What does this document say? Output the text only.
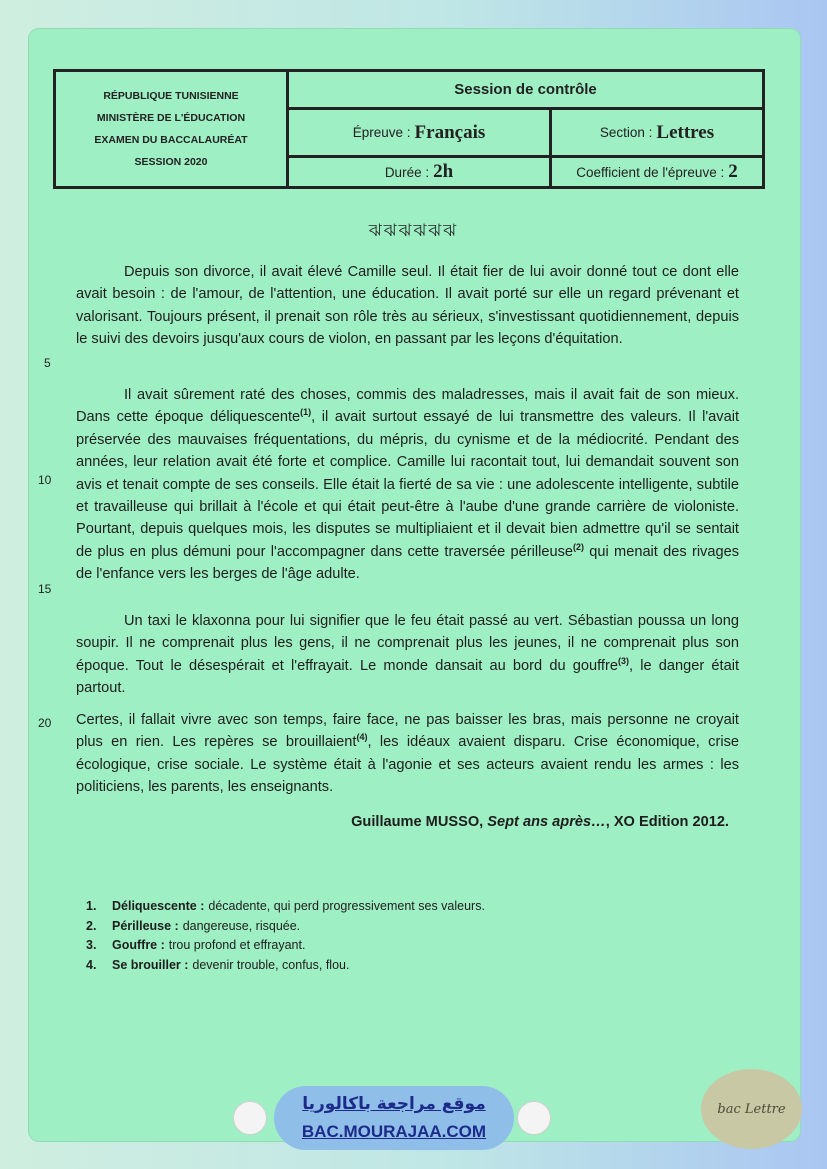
RÉPUBLIQUE TUNISIENNE
MINISTÈRE DE L'ÉDUCATION
EXAMEN DU BACCALAURÉAT
SESSION 2020
Session de contrôle
Épreuve : Français	Section : Lettres
Durée : 2h	Coefficient de l'épreuve : 2
ঝঝঝঝঝঝ

Depuis son divorce, il avait élevé Camille seul. Il était fier de lui avoir donné tout ce dont elle avait besoin : de l'amour, de l'attention, une éducation. Il avait porté sur elle un regard prévenant et valorisant. Toujours présent, il prenait son rôle très au sérieux, s'investissant quotidiennement, depuis le suivi des devoirs jusqu'aux cours de violon, en passant par les leçons d'équitation.

Il avait sûrement raté des choses, commis des maladresses, mais il avait fait de son mieux. Dans cette époque déliquescente$^{(1)}$, il avait surtout essayé de lui transmettre des valeurs. Il l'avait préservée des mauvaises fréquentations, du mépris, du cynisme et de la médiocrité. Pendant des années, leur relation avait été forte et complice. Camille lui racontait tout, lui demandait souvent son avis et tenait compte de ses conseils. Elle était la fierté de sa vie : une adolescente intelligente, subtile et travailleuse qui brillait à l'école et qui était peut-être à l'aube d'une grande carrière de violoniste. Pourtant, depuis quelques mois, les disputes se multipliaient et il devait bien admettre qu'il se sentait de plus en plus démuni pour l'accompagner dans cette traversée périlleuse$^{(2)}$ qui menait des rivages de l'enfance vers les berges de l'âge adulte.

Un taxi le klaxonna pour lui signifier que le feu était passé au vert. Sébastian poussa un long soupir. Il ne comprenait plus les gens, il ne comprenait plus les jeunes, il ne comprenait plus son époque. Tout le désespérait et l'effrayait. Le monde dansait au bord du gouffre$^{(3)}$, le danger était partout.

Certes, il fallait vivre avec son temps, faire face, ne pas baisser les bras, mais personne ne croyait plus en rien. Les repères se brouillaient$^{(4)}$, les idéaux avaient disparu. Crise économique, crise écologique, crise sociale. Le système était à l'agonie et ses acteurs avaient rendu les armes : les politiciens, les parents, les enseignants.

5
10
15
20
Guillaume MUSSO, Sept ans après…, XO Edition 2012.
1.	Déliquescente : décadente, qui perd progressivement ses valeurs.
2.	Périlleuse : dangereuse, risquée.
3.	Gouffre : trou profond et effrayant.
4.	Se brouiller : devenir trouble, confus, flou.
موقع مراجعة باكالوريا
BAC.MOURAJAA.COM
bac Lettre
